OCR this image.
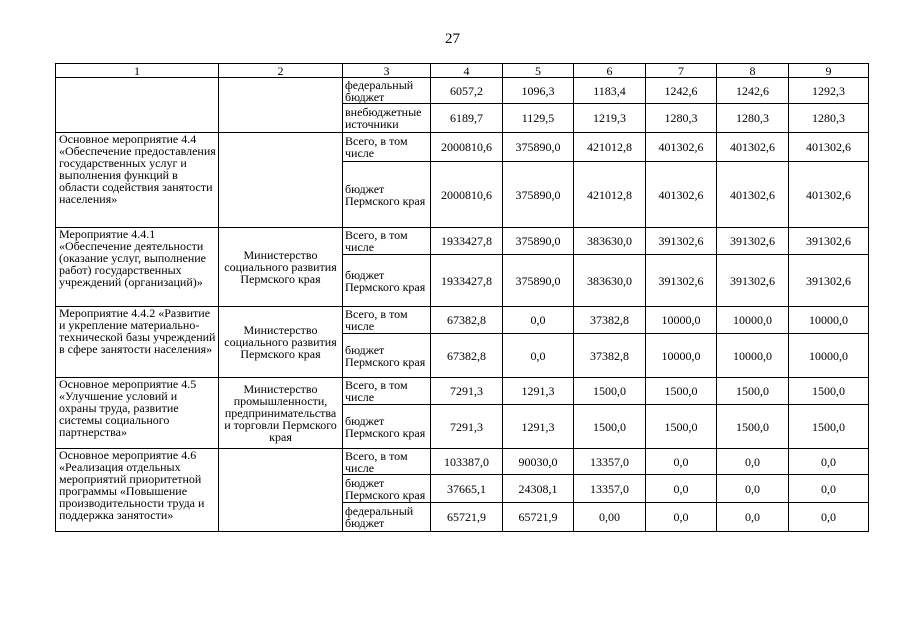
27
1	2	3	4	5	6	7	8	9
		федеральный бюджет	6057,2	1096,3	1183,4	1242,6	1242,6	1292,3
		внебюджетные источники	6189,7	1129,5	1219,3	1280,3	1280,3	1280,3
Основное мероприятие 4.4 «Обеспечение предоставления государственных услуг и выполнения функций в области содействия занятости населения»		Всего, в том числе	2000810,6	375890,0	421012,8	401302,6	401302,6	401302,6
		бюджет Пермского края	2000810,6	375890,0	421012,8	401302,6	401302,6	401302,6
Мероприятие 4.4.1 «Обеспечение деятельности (оказание услуг, выполнение работ) государственных учреждений (организаций)»	Министерство социального развития Пермского края	Всего, в том числе	1933427,8	375890,0	383630,0	391302,6	391302,6	391302,6
		бюджет Пермского края	1933427,8	375890,0	383630,0	391302,6	391302,6	391302,6
Мероприятие 4.4.2 «Развитие и укрепление материально-технической базы учреждений в сфере занятости населения»	Министерство социального развития Пермского края	Всего, в том числе	67382,8	0,0	37382,8	10000,0	10000,0	10000,0
		бюджет Пермского края	67382,8	0,0	37382,8	10000,0	10000,0	10000,0
Основное мероприятие 4.5 «Улучшение условий и охраны труда, развитие системы социального партнерства»	Министерство промышленности, предпринимательства и торговли Пермского края	Всего, в том числе	7291,3	1291,3	1500,0	1500,0	1500,0	1500,0
		бюджет Пермского края	7291,3	1291,3	1500,0	1500,0	1500,0	1500,0
Основное мероприятие 4.6 «Реализация отдельных мероприятий приоритетной программы «Повышение производительности труда и поддержка занятости»		Всего, в том числе	103387,0	90030,0	13357,0	0,0	0,0	0,0
		бюджет Пермского края	37665,1	24308,1	13357,0	0,0	0,0	0,0
		федеральный бюджет	65721,9	65721,9	0,00	0,0	0,0	0,0
